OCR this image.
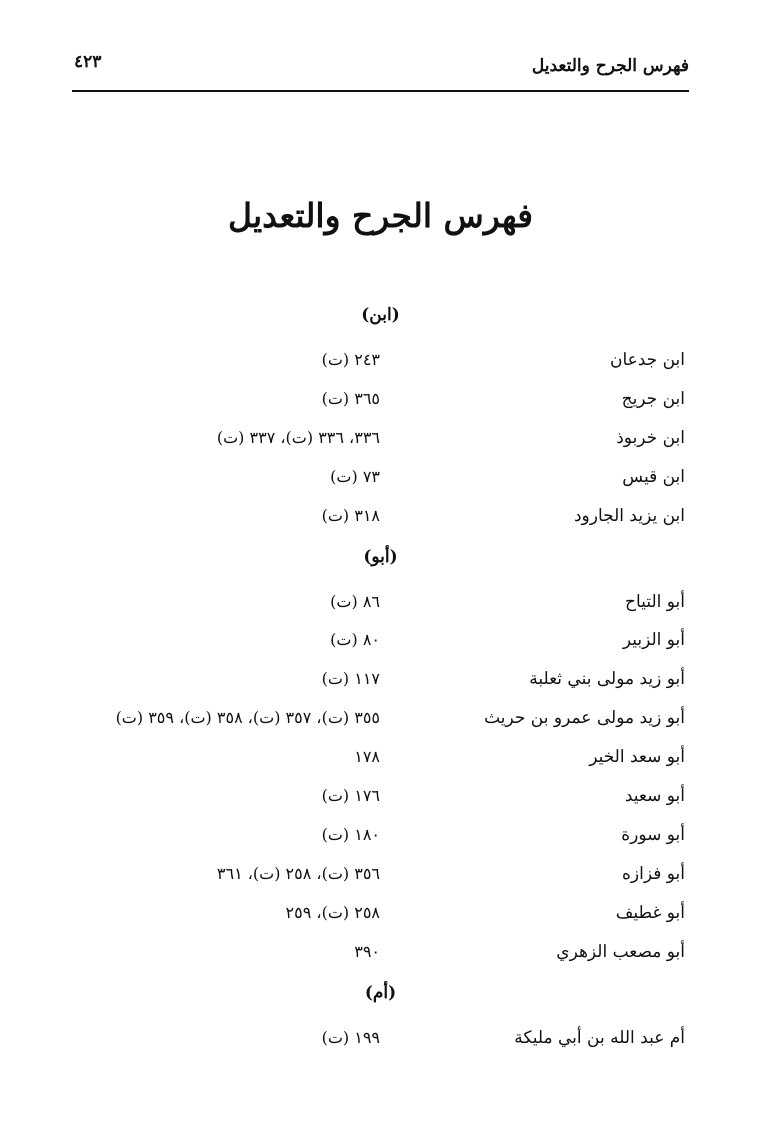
فهرس الجرح والتعديل
٤٢٣
فهرس الجرح والتعديل
(ابن)
ابن جدعان
٢٤٣ (ت)
ابن جريج
٣٦٥ (ت)
ابن خربوذ
٣٣٦، ٣٣٦ (ت)، ٣٣٧ (ت)
ابن قيس
٧٣ (ت)
ابن يزيد الجارود
٣١٨ (ت)
(أبو)
أبو التياح
٨٦ (ت)
أبو الزبير
٨٠ (ت)
أبو زيد مولى بني ثعلبة
١١٧ (ت)
أبو زيد مولى عمرو بن حريث
٣٥٥ (ت)، ٣٥٧ (ت)، ٣٥٨ (ت)، ٣٥٩ (ت)
أبو سعد الخير
١٧٨
أبو سعيد
١٧٦ (ت)
أبو سورة
١٨٠ (ت)
أبو فزازه
٣٥٦ (ت)، ٢٥٨ (ت)، ٣٦١
أبو غطيف
٢٥٨ (ت)، ٢٥٩
أبو مصعب الزهري
٣٩٠
(أم)
أم عبد الله بن أبي مليكة
١٩٩ (ت)
